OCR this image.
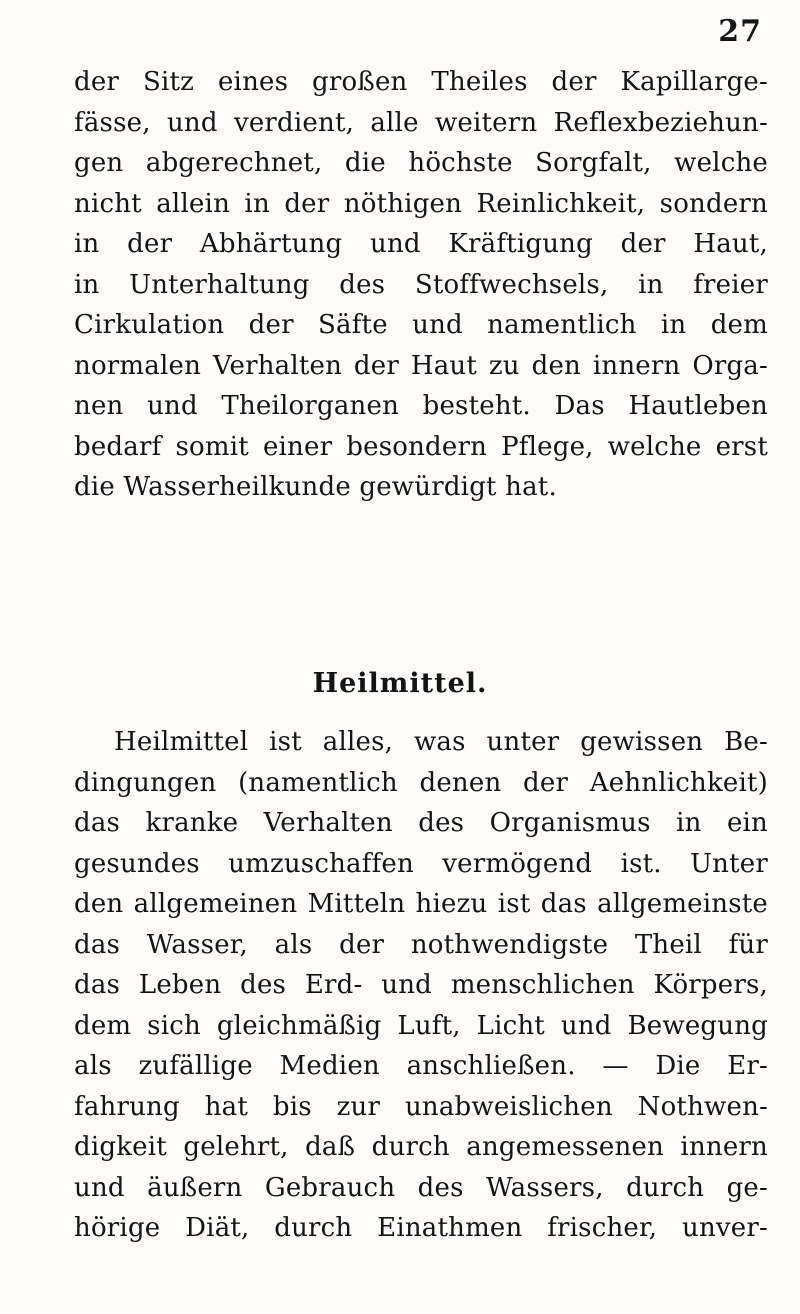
27
der Sitz eines großen Theiles der Kapillarge-
fässe, und verdient, alle weitern Reflexbeziehun-
gen abgerechnet, die höchste Sorgfalt, welche
nicht allein in der nöthigen Reinlichkeit, sondern
in der Abhärtung und Kräftigung der Haut,
in Unterhaltung des Stoffwechsels, in freier
Cirkulation der Säfte und namentlich in dem
normalen Verhalten der Haut zu den innern Orga-
nen und Theilorganen besteht. Das Hautleben
bedarf somit einer besondern Pflege, welche erst
die Wasserheilkunde gewürdigt hat.
Heilmittel.
Heilmittel ist alles, was unter gewissen Be-
dingungen (namentlich denen der Aehnlichkeit)
das kranke Verhalten des Organismus in ein
gesundes umzuschaffen vermögend ist. Unter
den allgemeinen Mitteln hiezu ist das allgemeinste
das Wasser, als der nothwendigste Theil für
das Leben des Erd- und menschlichen Körpers,
dem sich gleichmäßig Luft, Licht und Bewegung
als zufällige Medien anschließen. — Die Er-
fahrung hat bis zur unabweislichen Nothwen-
digkeit gelehrt, daß durch angemessenen innern
und äußern Gebrauch des Wassers, durch ge-
hörige Diät, durch Einathmen frischer, unver-
